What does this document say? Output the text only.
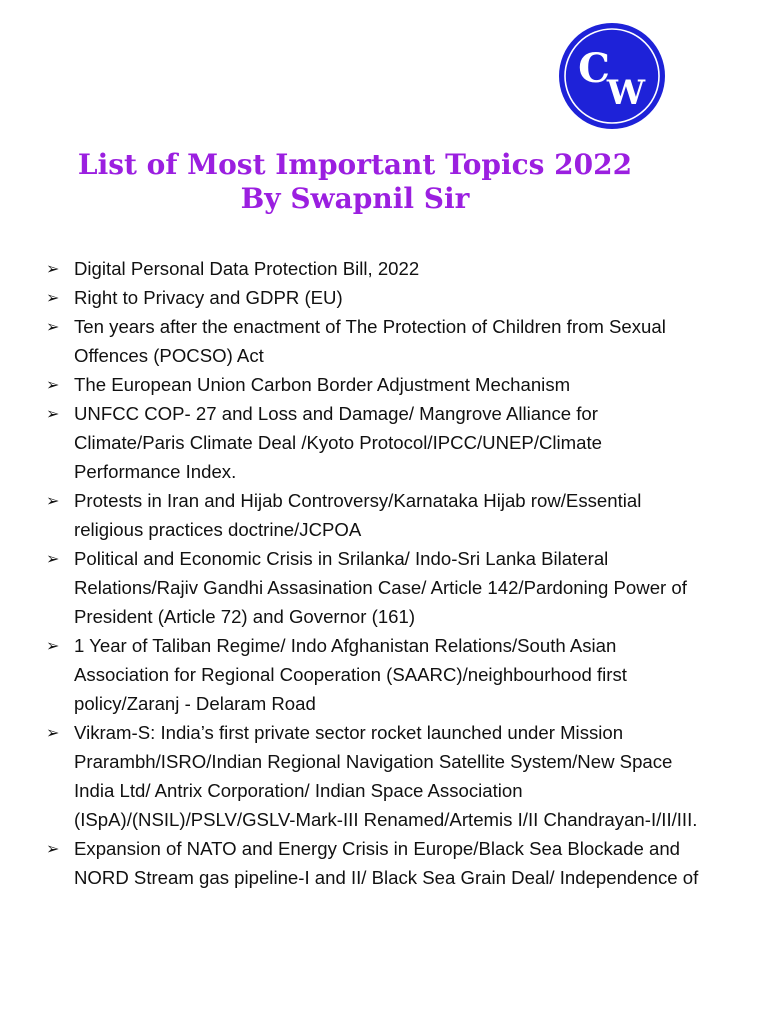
C
W
List of Most Important Topics 2022
By Swapnil Sir
➢ Digital Personal Data Protection Bill, 2022
➢ Right to Privacy and GDPR (EU)
➢ Ten years after the enactment of The Protection of Children from Sexual Offences (POCSO) Act
➢ The European Union Carbon Border Adjustment Mechanism
➢ UNFCC COP- 27 and Loss and Damage/ Mangrove Alliance for Climate/Paris Climate Deal /Kyoto Protocol/IPCC/UNEP/Climate Performance Index.
➢ Protests in Iran and Hijab Controversy/Karnataka Hijab row/Essential religious practices doctrine/JCPOA
➢ Political and Economic Crisis in Srilanka/ Indo-Sri Lanka Bilateral Relations/Rajiv Gandhi Assasination Case/ Article 142/Pardoning Power of President (Article 72) and Governor (161)
➢ 1 Year of Taliban Regime/ Indo Afghanistan Relations/South Asian Association for Regional Cooperation (SAARC)/neighbourhood first policy/Zaranj - Delaram Road
➢ Vikram-S: India’s first private sector rocket launched under Mission Prarambh/ISRO/Indian Regional Navigation Satellite System/New Space India Ltd/ Antrix Corporation/ Indian Space Association (ISpA)/(NSIL)/PSLV/GSLV-Mark-III Renamed/Artemis I/II Chandrayan-I/II/III.
➢ Expansion of NATO and Energy Crisis in Europe/Black Sea Blockade and NORD Stream gas pipeline-I and II/ Black Sea Grain Deal/ Independence of
